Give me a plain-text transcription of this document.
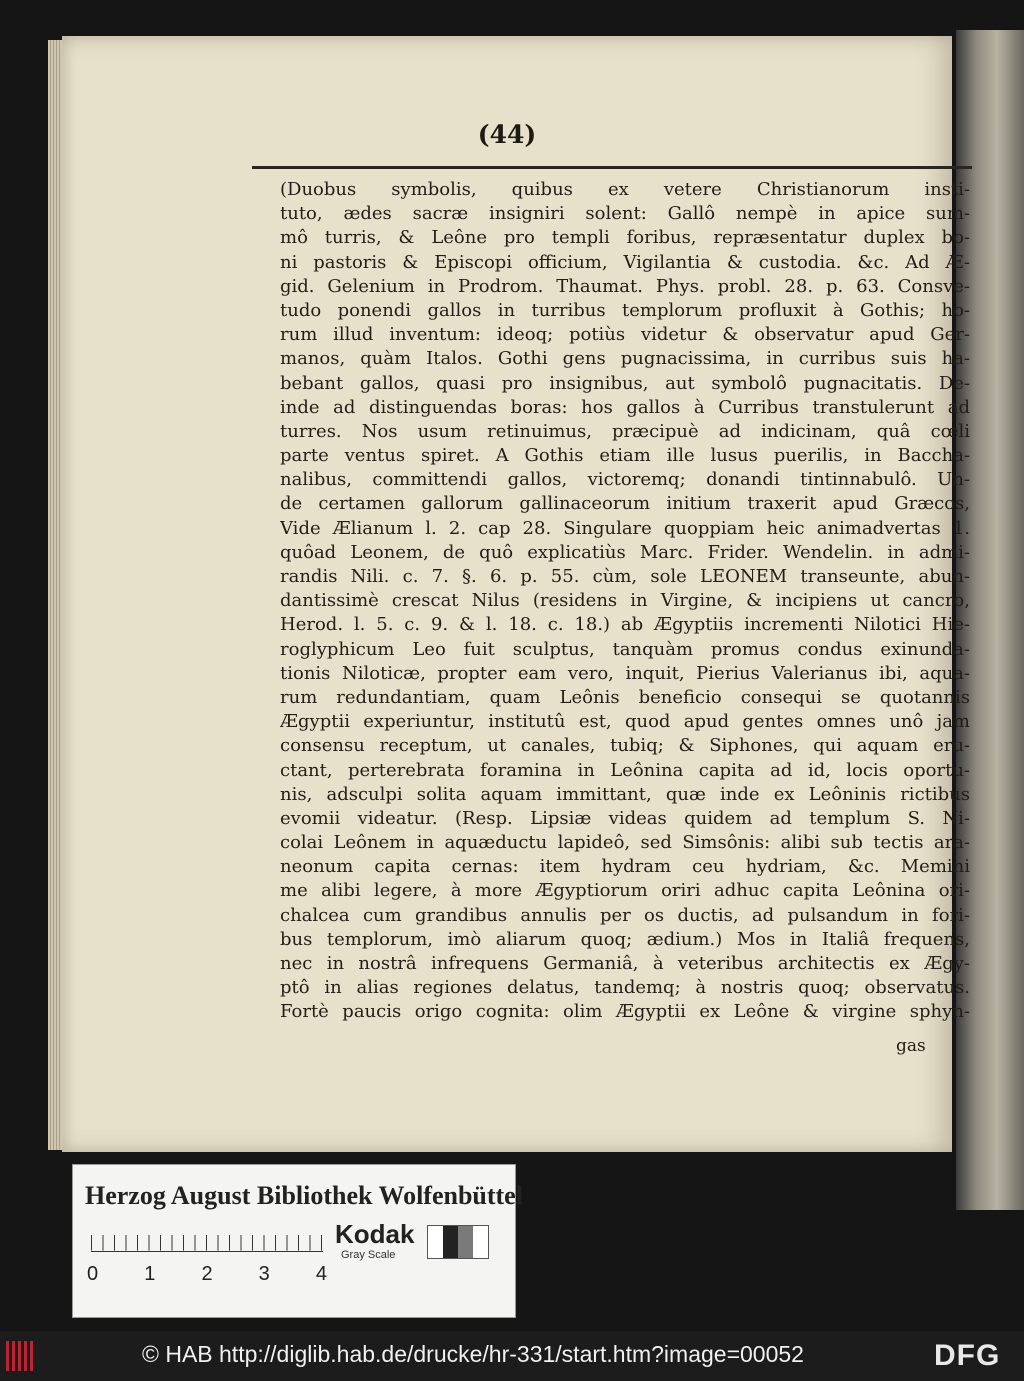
(44)
(Duobus symbolis, quibus ex vetere Christianorum insti-
tuto, ædes sacræ insigniri solent: Gallô nempè in apice sum-
mô turris, & Leône pro templi foribus, repræsentatur duplex bo-
ni pastoris & Episcopi officium, Vigilantia & custodia. &c. Ad Æ-
gid. Gelenium in Prodrom. Thaumat. Phys. probl. 28. p. 63. Consve-
tudo ponendi gallos in turribus templorum profluxit à Gothis; ho-
rum illud inventum: ideoq; potiùs videtur & observatur apud Ger-
manos, quàm Italos. Gothi gens pugnacissima, in curribus suis ha-
bebant gallos, quasi pro insignibus, aut symbolô pugnacitatis. De-
inde ad distinguendas boras: hos gallos à Curribus transtulerunt ad
turres. Nos usum retinuimus, præcipuè ad indicinam, quâ cœli
parte ventus spiret. A Gothis etiam ille lusus puerilis, in Baccha-
nalibus, committendi gallos, victoremq; donandi tintinnabulô. Un-
de certamen gallorum gallinaceorum initium traxerit apud Græcos,
Vide Ælianum l. 2. cap 28. Singulare quoppiam heic animadvertas 1.
quôad Leonem, de quô explicatiùs Marc. Frider. Wendelin. in admi-
randis Nili. c. 7. §. 6. p. 55. cùm, sole LEONEM transeunte, abun-
dantissimè crescat Nilus (residens in Virgine, & incipiens ut cancro,
Herod. l. 5. c. 9. & l. 18. c. 18.) ab Ægyptiis incrementi Nilotici Hie-
roglyphicum Leo fuit sculptus, tanquàm promus condus exinunda-
tionis Niloticæ, propter eam vero, inquit, Pierius Valerianus ibi, aqua-
rum redundantiam, quam Leônis beneficio consequi se quotannis
Ægyptii experiuntur, institutû est, quod apud gentes omnes unô jam
consensu receptum, ut canales, tubiq; & Siphones, qui aquam eru-
ctant, perterebrata foramina in Leônina capita ad id, locis oportu-
nis, adsculpi solita aquam immittant, quæ inde ex Leôninis rictibus
evomii videatur. (Resp. Lipsiæ videas quidem ad templum S. Ni-
colai Leônem in aquæductu lapideô, sed Simsônis: alibi sub tectis ara-
neonum capita cernas: item hydram ceu hydriam, &c. Memini
me alibi legere, à more Ægyptiorum oriri adhuc capita Leônina ori-
chalcea cum grandibus annulis per os ductis, ad pulsandum in fori-
bus templorum, imò aliarum quoq; ædium.) Mos in Italiâ frequens,
nec in nostrâ infrequens Germaniâ, à veteribus architectis ex Ægy-
ptô in alias regiones delatus, tandemq; à nostris quoq; observatus.
Fortè paucis origo cognita: olim Ægyptii ex Leône & virgine sphyn-
gas
Herzog August Bibliothek Wolfenbüttel
0 1 2 3 4
Kodak
Gray Scale
© HAB http://diglib.hab.de/drucke/hr-331/start.htm?image=00052	DFG
